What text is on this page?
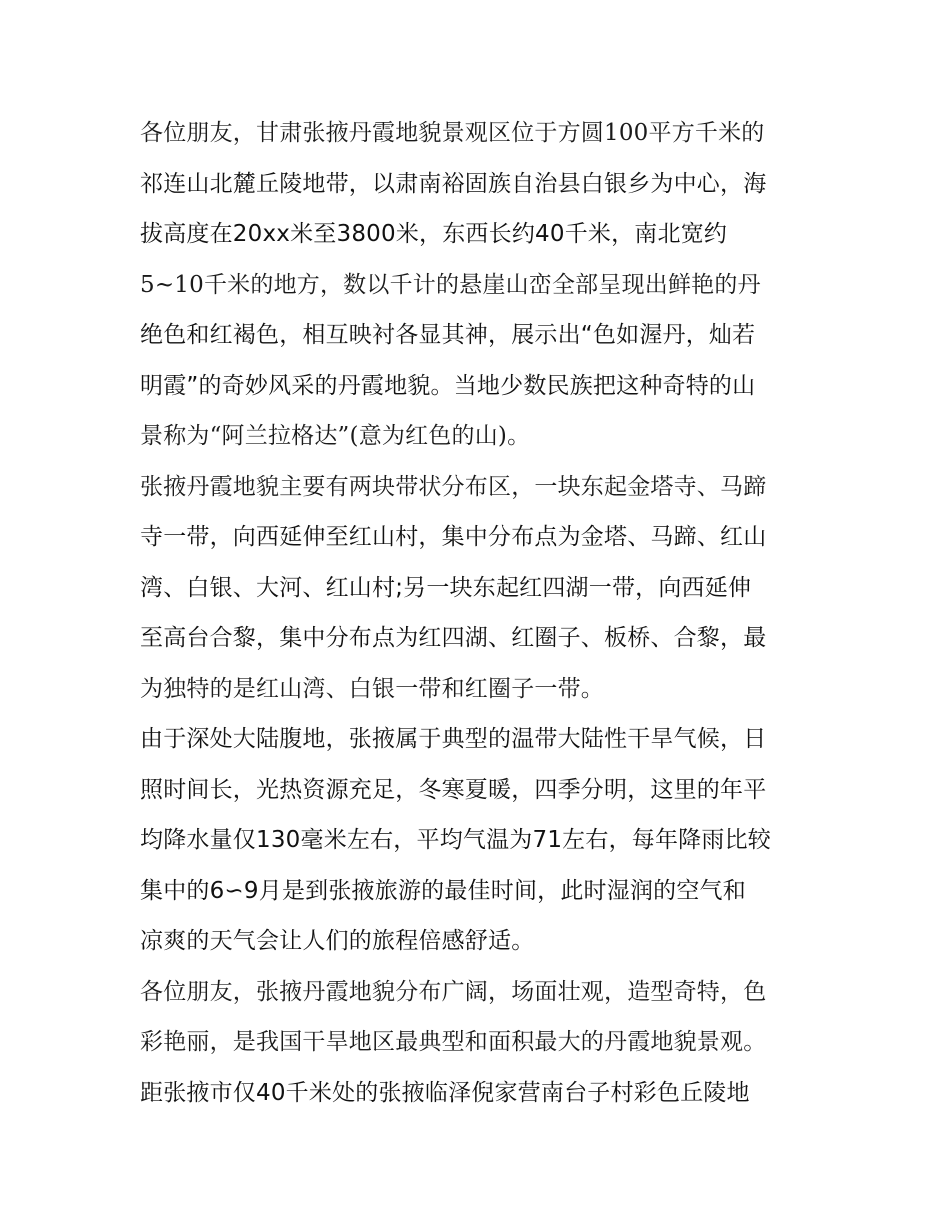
各位朋友，甘肃张掖丹霞地貌景观区位于方圆100平方千米的
祁连山北麓丘陵地带，以肃南裕固族自治县白银乡为中心，海
拔高度在20xx米至3800米，东西长约40千米，南北宽约
5~10千米的地方，数以千计的悬崖山峦全部呈现出鲜艳的丹
绝色和红褐色，相互映衬各显其神，展示出“色如渥丹，灿若
明霞”的奇妙风采的丹霞地貌。当地少数民族把这种奇特的山
景称为“阿兰拉格达”(意为红色的山)。
张掖丹霞地貌主要有两块带状分布区，一块东起金塔寺、马蹄
寺一带，向西延伸至红山村，集中分布点为金塔、马蹄、红山
湾、白银、大河、红山村;另一块东起红四湖一带，向西延伸
至高台合黎，集中分布点为红四湖、红圈子、板桥、合黎，最
为独特的是红山湾、白银一带和红圈子一带。
由于深处大陆腹地，张掖属于典型的温带大陆性干旱气候，日
照时间长，光热资源充足，冬寒夏暖，四季分明，这里的年平
均降水量仅130毫米左右，平均气温为71左右，每年降雨比较
集中的6∽9月是到张掖旅游的最佳时间，此时湿润的空气和
凉爽的天气会让人们的旅程倍感舒适。
各位朋友，张掖丹霞地貌分布广阔，场面壮观，造型奇特，色
彩艳丽，是我国干旱地区最典型和面积最大的丹霞地貌景观。
距张掖市仅40千米处的张掖临泽倪家营南台子村彩色丘陵地
